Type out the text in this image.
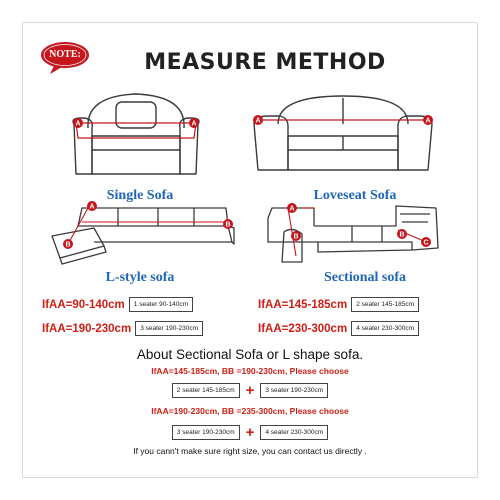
NOTE:	MEASURE METHOD
A	A
Single Sofa
A	A
Loveseat Sofa
A
B
B
L-style sofa
A
B	B
C
Sectional sofa
IfAA=90-140cm	1 seater 90-140cm	IfAA=145-185cm	2 seater 145-185cm
IfAA=190-230cm	3 seater 190-230cm	IfAA=230-300cm	4 seater 230-300cm
About Sectional Sofa or L shape sofa.
IfAA=145-185cm, BB =190-230cm, Please choose
2 seater 145-185cm +	3 seater 190-230cm
IfAA=190-230cm, BB =235-300cm, Please choose
3 seater 190-230cm +	4 seater 230-300cm
If you cann't make sure right size, you can contact us directly .
